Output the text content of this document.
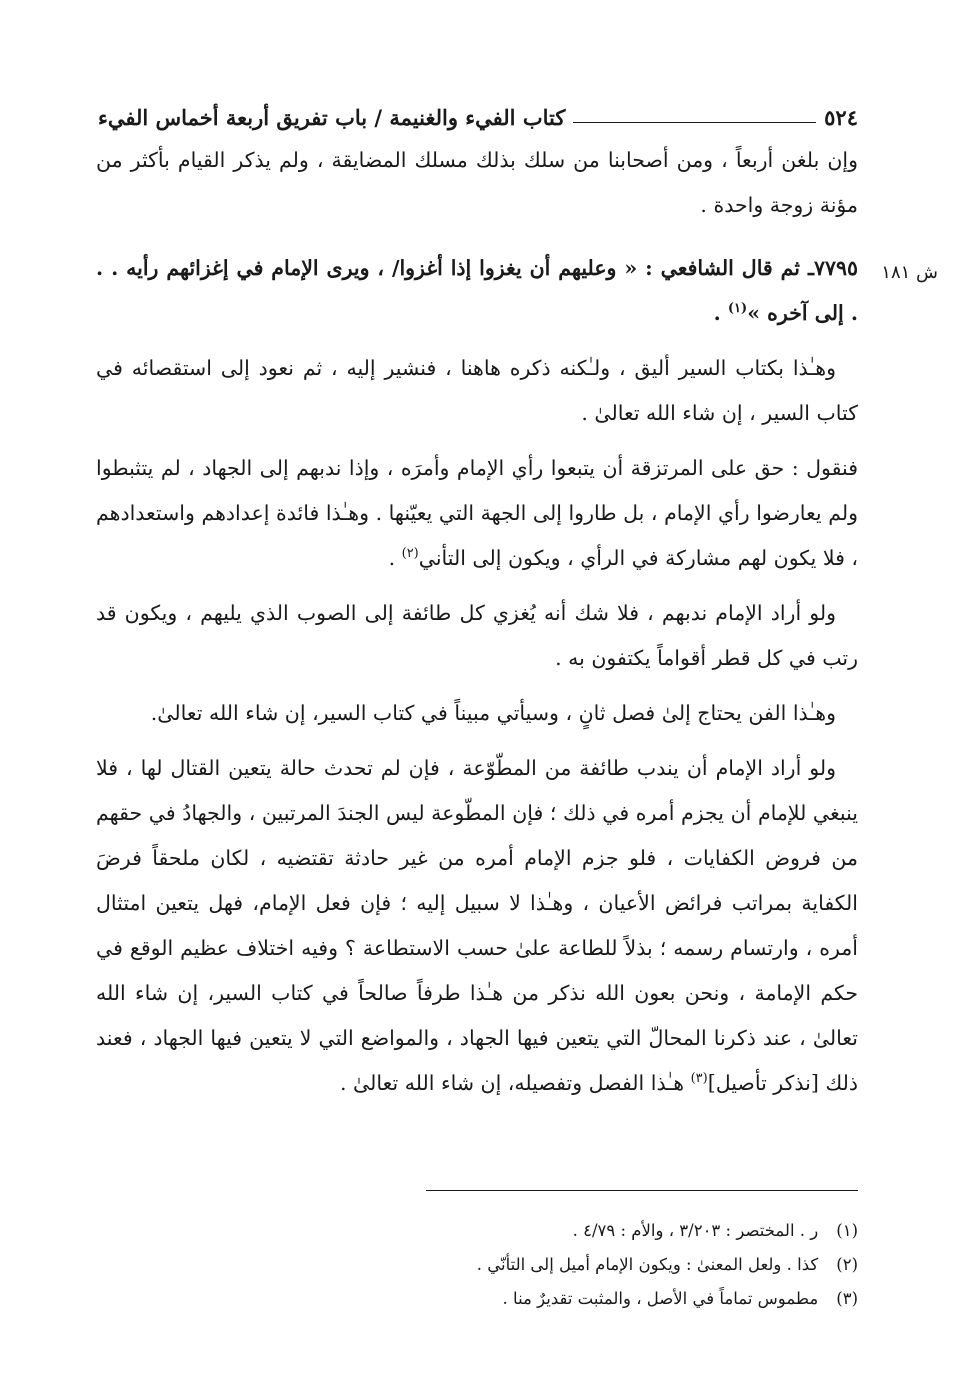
٥٢٤
كتاب الفيء والغنيمة / باب تفريق أربعة أخماس الفيء
ش ١٨١

وإن بلغن أربعاً ، ومن أصحابنا من سلك بذلك مسلك المضايقة ، ولم يذكر القيام بأكثر من مؤنة زوجة واحدة .

٧٧٩٥ـ ثم قال الشافعي : « وعليهم أن يغزوا إذا أغزوا/ ، ويرى الإمام في إغزائهم رأيه . . . إلى آخره »$^{(١)}$ .

وهـٰذا بكتاب السير أليق ، ولـٰكنه ذكره هاهنا ، فنشير إليه ، ثم نعود إلى استقصائه في كتاب السير ، إن شاء الله تعالىٰ .

فنقول : حق على المرتزقة أن يتبعوا رأي الإمام وأمرَه ، وإذا ندبهم إلى الجهاد ، لم يتثبطوا ولم يعارضوا رأي الإمام ، بل طاروا إلى الجهة التي يعيّنها . وهـٰذا فائدة إعدادهم واستعدادهم ، فلا يكون لهم مشاركة في الرأي ، ويكون إلى التأني$^{(٢)}$ .

ولو أراد الإمام ندبهم ، فلا شك أنه يُغزي كل طائفة إلى الصوب الذي يليهم ، ويكون قد رتب في كل قطر أقواماً يكتفون به .

وهـٰذا الفن يحتاج إلىٰ فصل ثانٍ ، وسيأتي مبيناً في كتاب السير، إن شاء الله تعالىٰ.

ولو أراد الإمام أن يندب طائفة من المطّوّعة ، فإن لم تحدث حالة يتعين القتال لها ، فلا ينبغي للإمام أن يجزم أمره في ذلك ؛ فإن المطّوعة ليس الجندَ المرتبين ، والجهادُ في حقهم من فروض الكفايات ، فلو جزم الإمام أمره من غير حادثة تقتضيه ، لكان ملحقاً فرضَ الكفاية بمراتب فرائض الأعيان ، وهـٰذا لا سبيل إليه ؛ فإن فعل الإمام، فهل يتعين امتثال أمره ، وارتسام رسمه ؛ بذلاً للطاعة علىٰ حسب الاستطاعة ؟ وفيه اختلاف عظيم الوقع في حكم الإمامة ، ونحن بعون الله نذكر من هـٰذا طرفاً صالحاً في كتاب السير، إن شاء الله تعالىٰ ، عند ذكرنا المحالّ التي يتعين فيها الجهاد ، والمواضع التي لا يتعين فيها الجهاد ، فعند ذلك [نذكر تأصيل]$^{(٣)}$ هـٰذا الفصل وتفصيله، إن شاء الله تعالىٰ .

(١)
ر . المختصر : ٣/٢٠٣ ، والأم : ٤/٧٩ .
(٢)
كذا . ولعل المعنىٰ : ويكون الإمام أميل إلى التأنّي .
(٣)
مطموس تماماً في الأصل ، والمثبت تقديرٌ منا .
